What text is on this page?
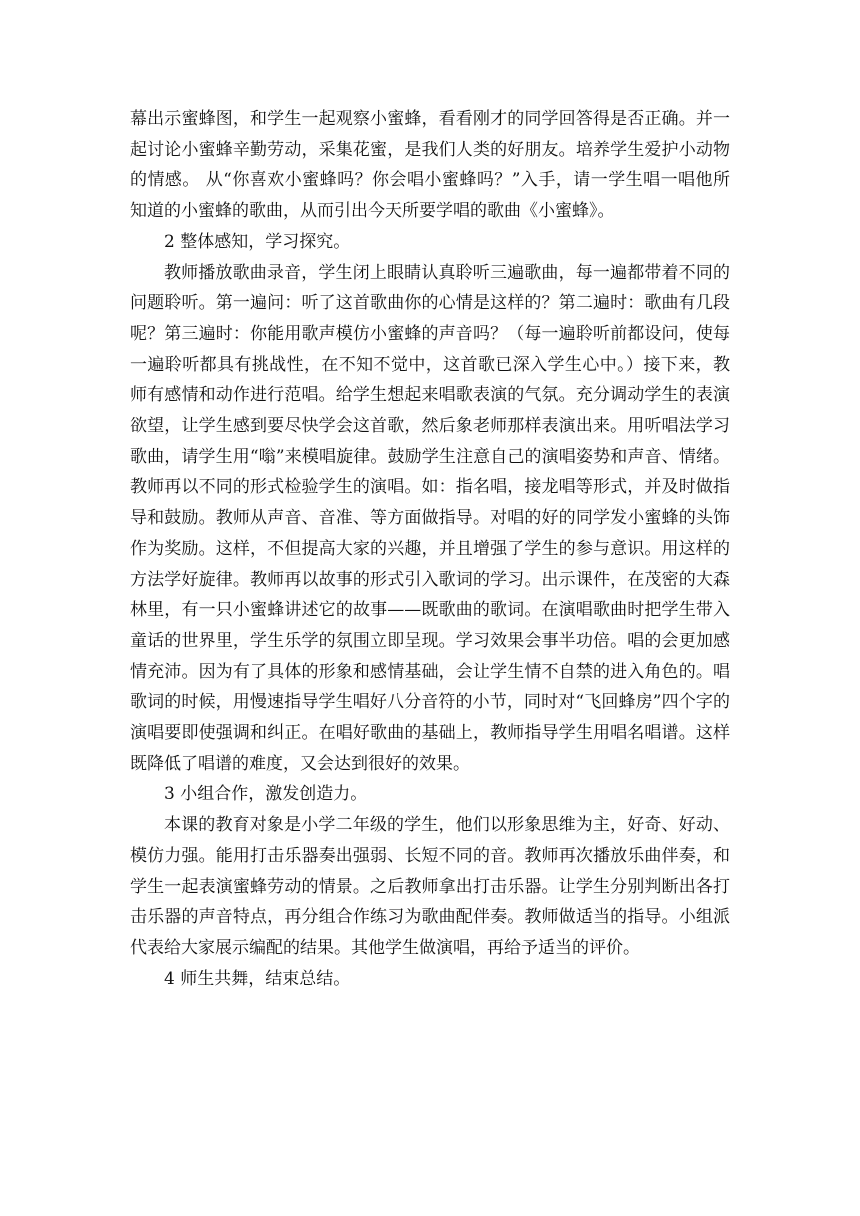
幕出示蜜蜂图，和学生一起观察小蜜蜂，看看刚才的同学回答得是否正确。并一起讨论小蜜蜂辛勤劳动，采集花蜜，是我们人类的好朋友。培养学生爱护小动物的情感。 从“你喜欢小蜜蜂吗？你会唱小蜜蜂吗？”入手，请一学生唱一唱他所知道的小蜜蜂的歌曲，从而引出今天所要学唱的歌曲《小蜜蜂》。

2 整体感知，学习探究。

教师播放歌曲录音，学生闭上眼睛认真聆听三遍歌曲，每一遍都带着不同的问题聆听。第一遍问：听了这首歌曲你的心情是这样的？第二遍时：歌曲有几段呢？第三遍时：你能用歌声模仿小蜜蜂的声音吗？（每一遍聆听前都设问，使每一遍聆听都具有挑战性，在不知不觉中，这首歌已深入学生心中。）接下来，教师有感情和动作进行范唱。给学生想起来唱歌表演的气氛。充分调动学生的表演欲望，让学生感到要尽快学会这首歌，然后象老师那样表演出来。用听唱法学习歌曲，请学生用“嗡”来模唱旋律。鼓励学生注意自己的演唱姿势和声音、情绪。教师再以不同的形式检验学生的演唱。如：指名唱，接龙唱等形式，并及时做指导和鼓励。教师从声音、音准、等方面做指导。对唱的好的同学发小蜜蜂的头饰作为奖励。这样，不但提高大家的兴趣，并且增强了学生的参与意识。用这样的方法学好旋律。教师再以故事的形式引入歌词的学习。出示课件，在茂密的大森林里，有一只小蜜蜂讲述它的故事——既歌曲的歌词。在演唱歌曲时把学生带入童话的世界里，学生乐学的氛围立即呈现。学习效果会事半功倍。唱的会更加感情充沛。因为有了具体的形象和感情基础，会让学生情不自禁的进入角色的。唱歌词的时候，用慢速指导学生唱好八分音符的小节，同时对“飞回蜂房”四个字的演唱要即使强调和纠正。在唱好歌曲的基础上，教师指导学生用唱名唱谱。这样既降低了唱谱的难度，又会达到很好的效果。

3 小组合作，激发创造力。

本课的教育对象是小学二年级的学生，他们以形象思维为主，好奇、好动、模仿力强。能用打击乐器奏出强弱、长短不同的音。教师再次播放乐曲伴奏，和学生一起表演蜜蜂劳动的情景。之后教师拿出打击乐器。让学生分别判断出各打击乐器的声音特点，再分组合作练习为歌曲配伴奏。教师做适当的指导。小组派代表给大家展示编配的结果。其他学生做演唱，再给予适当的评价。

4 师生共舞，结束总结。
